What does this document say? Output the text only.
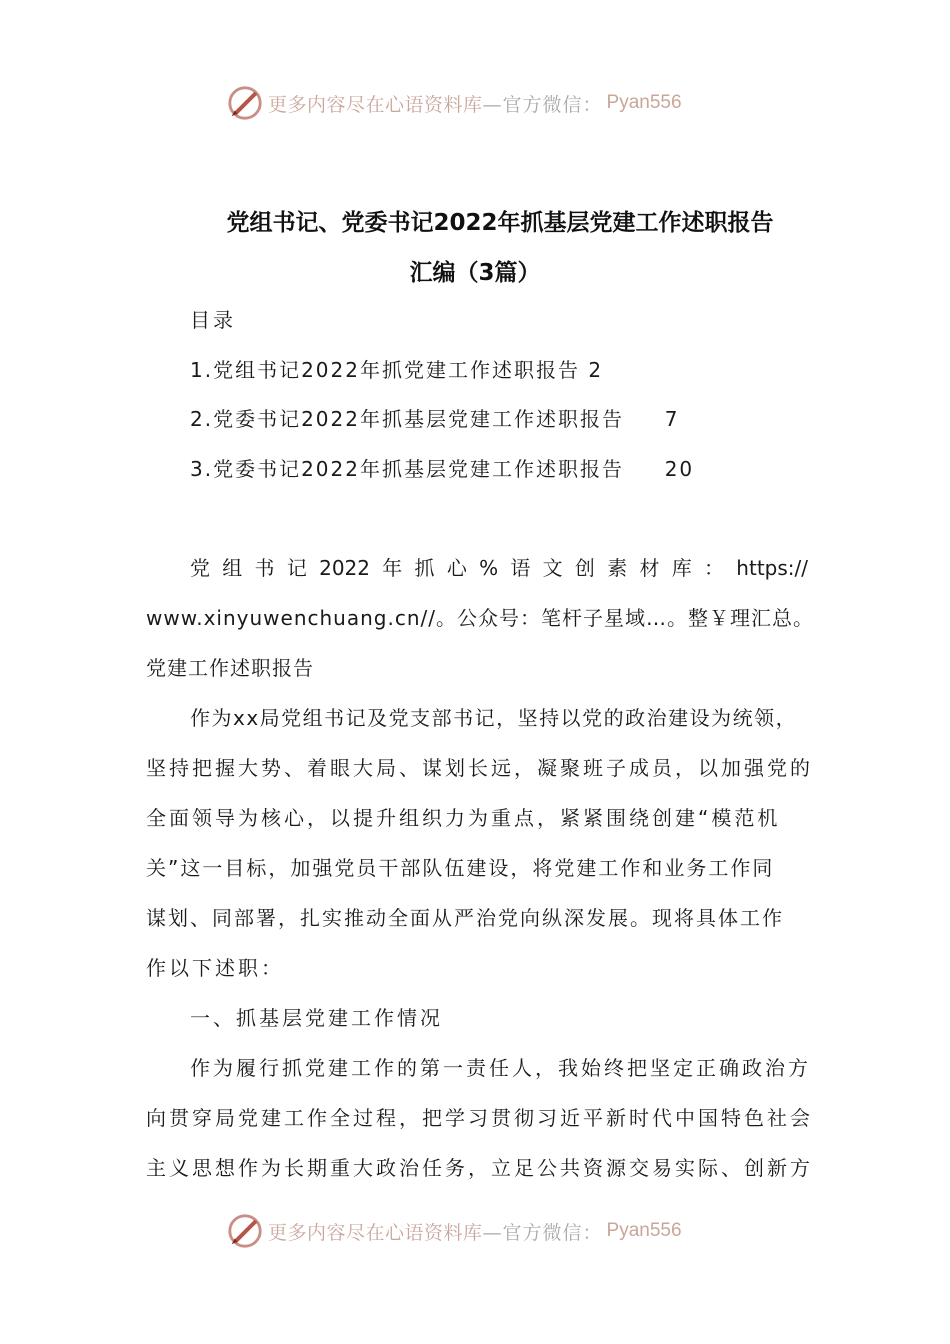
更多内容尽在心语资料库 —官方微信： Pyan556
党组书记、党委书记2022年抓基层党建工作述职报告
汇编（3篇）
目录
1.党组书记2022年抓党建工作述职报告 2
2.党委书记2022年抓基层党建工作述职报告 7
3.党委书记2022年抓基层党建工作述职报告 20
党组书记2022年抓心%语文创素材库：https://
www.xinyuwenchuang.cn//。公众号：笔杆子星域…。整￥理汇总。
党建工作述职报告
作为xx局党组书记及党支部书记，坚持以党的政治建设为统领，
坚持把握大势、着眼大局、谋划长远，凝聚班子成员，以加强党的
全面领导为核心，以提升组织力为重点，紧紧围绕创建“模范机
关”这一目标，加强党员干部队伍建设，将党建工作和业务工作同
谋划、同部署，扎实推动全面从严治党向纵深发展。现将具体工作
作以下述职：
一、抓基层党建工作情况
作为履行抓党建工作的第一责任人，我始终把坚定正确政治方
向贯穿局党建工作全过程，把学习贯彻习近平新时代中国特色社会
主义思想作为长期重大政治任务，立足公共资源交易实际、创新方
更多内容尽在心语资料库 —官方微信： Pyan556
